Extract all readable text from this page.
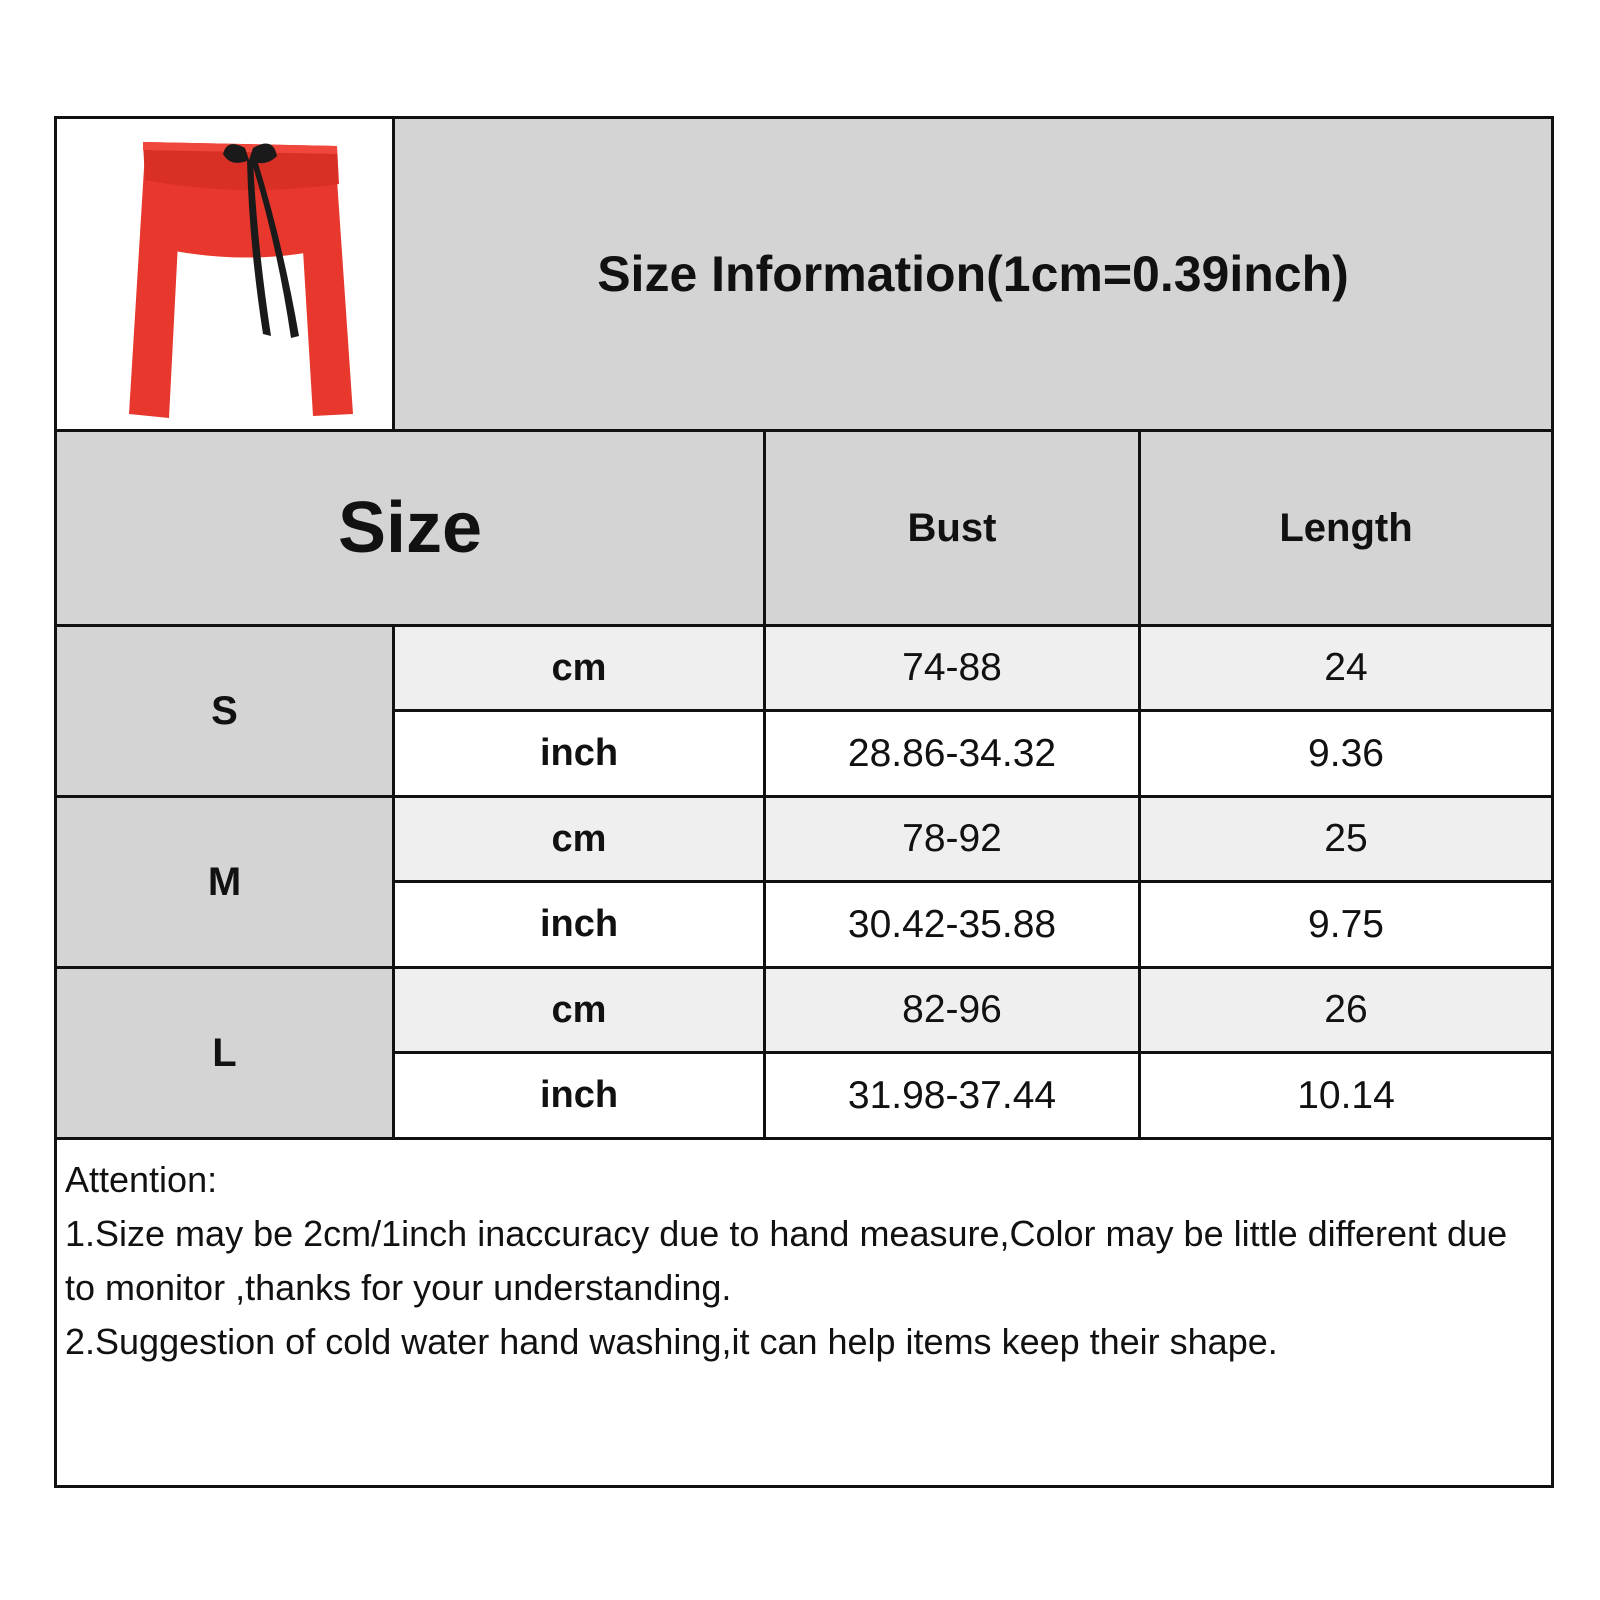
Size Information(1cm=0.39inch)
Size	Bust	Length
S
cm	74-88	24
inch	28.86-34.32	9.36
M
cm	78-92	25
inch	30.42-35.88	9.75
L
cm	82-96	26
inch	31.98-37.44	10.14
Attention:
1.Size may be 2cm/1inch inaccuracy due to hand measure,Color may be little different due to monitor ,thanks for your understanding.
2.Suggestion of cold water hand washing,it can help items keep their shape.
